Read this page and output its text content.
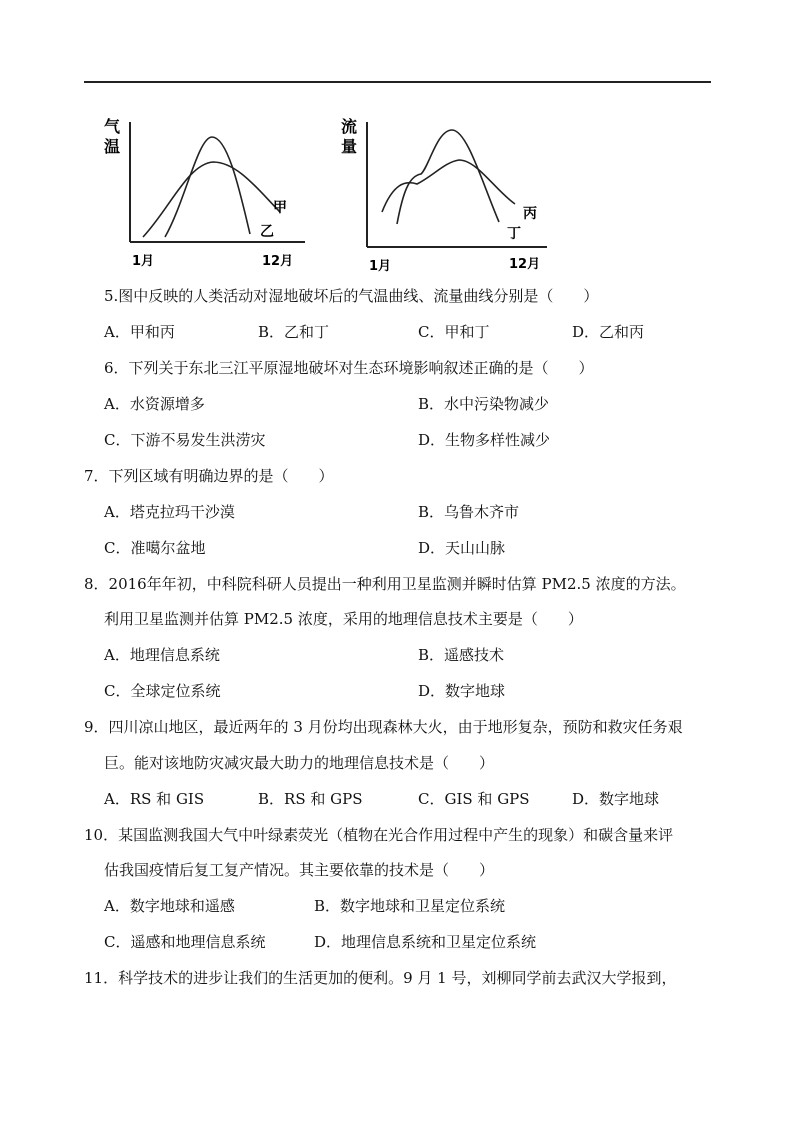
气
温
甲
乙
1月	12月
流
量
丙
丁
1月	12月
5.图中反映的人类活动对湿地破坏后的气温曲线、流量曲线分别是（　　）
A．甲和丙	B．乙和丁	C．甲和丁	D．乙和丙
6．下列关于东北三江平原湿地破坏对生态环境影响叙述正确的是（　　）
A．水资源增多	B．水中污染物减少
C．下游不易发生洪涝灾	D．生物多样性减少
7．下列区域有明确边界的是（　　）
A．塔克拉玛干沙漠	B．乌鲁木齐市
C．准噶尔盆地	D．天山山脉
8．2016年年初，中科院科研人员提出一种利用卫星监测并瞬时估算 PM2.5 浓度的方法。
利用卫星监测并估算 PM2.5 浓度，采用的地理信息技术主要是（　　）
A．地理信息系统	B．遥感技术
C．全球定位系统	D．数字地球
9．四川凉山地区，最近两年的 3 月份均出现森林大火，由于地形复杂，预防和救灾任务艰
巨。能对该地防灾减灾最大助力的地理信息技术是（　　）
A．RS 和 GIS	B．RS 和 GPS	C．GIS 和 GPS	D．数字地球
10．某国监测我国大气中叶绿素荧光（植物在光合作用过程中产生的现象）和碳含量来评
估我国疫情后复工复产情况。其主要依靠的技术是（　　）
A．数字地球和遥感	B．数字地球和卫星定位系统
C．遥感和地理信息系统	D．地理信息系统和卫星定位系统
11．科学技术的进步让我们的生活更加的便利。9 月 1 号，刘柳同学前去武汉大学报到，
